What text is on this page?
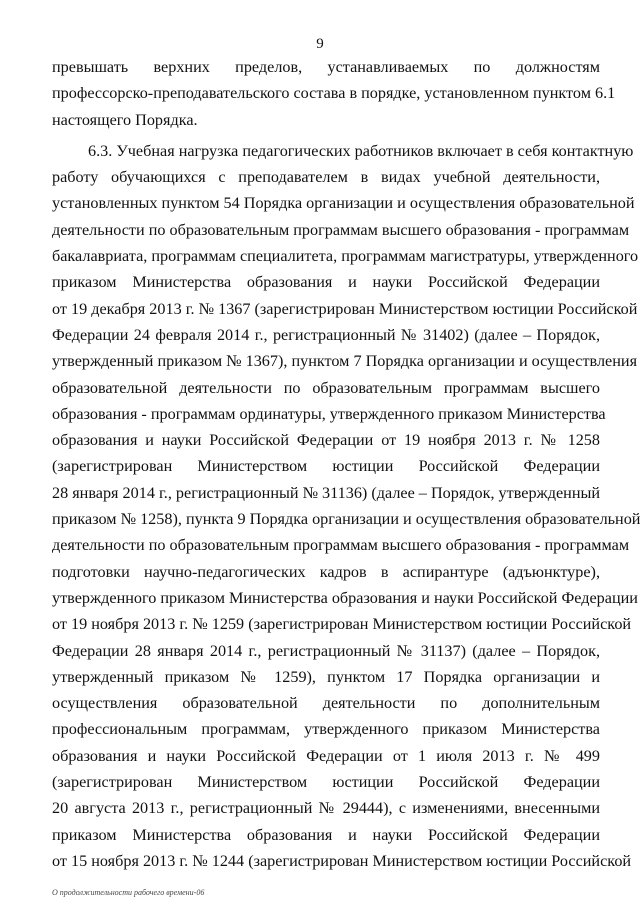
9
превышать верхних пределов, устанавливаемых по должностям
профессорско-преподавательского состава в порядке, установленном пунктом 6.1
настоящего Порядка.
6.3. Учебная нагрузка педагогических работников включает в себя контактную
работу обучающихся с преподавателем в видах учебной деятельности,
установленных пунктом 54 Порядка организации и осуществления образовательной
деятельности по образовательным программам высшего образования - программам
бакалавриата, программам специалитета, программам магистратуры, утвержденного
приказом Министерства образования и науки Российской Федерации
от 19 декабря 2013 г. № 1367 (зарегистрирован Министерством юстиции Российской
Федерации 24 февраля 2014 г., регистрационный № 31402) (далее – Порядок,
утвержденный приказом № 1367), пунктом 7 Порядка организации и осуществления
образовательной деятельности по образовательным программам высшего
образования - программам ординатуры, утвержденного приказом Министерства
образования и науки Российской Федерации от 19 ноября 2013 г. № 1258
(зарегистрирован Министерством юстиции Российской Федерации
28 января 2014 г., регистрационный № 31136) (далее – Порядок, утвержденный
приказом № 1258), пункта 9 Порядка организации и осуществления образовательной
деятельности по образовательным программам высшего образования - программам
подготовки научно-педагогических кадров в аспирантуре (адъюнктуре),
утвержденного приказом Министерства образования и науки Российской Федерации
от 19 ноября 2013 г. № 1259 (зарегистрирован Министерством юстиции Российской
Федерации 28 января 2014 г., регистрационный № 31137) (далее – Порядок,
утвержденный приказом № 1259), пунктом 17 Порядка организации и
осуществления образовательной деятельности по дополнительным
профессиональным программам, утвержденного приказом Министерства
образования и науки Российской Федерации от 1 июля 2013 г. № 499
(зарегистрирован Министерством юстиции Российской Федерации
20 августа 2013 г., регистрационный № 29444), с изменениями, внесенными
приказом Министерства образования и науки Российской Федерации
от 15 ноября 2013 г. № 1244 (зарегистрирован Министерством юстиции Российской
О продолжительности рабочего времени-06
